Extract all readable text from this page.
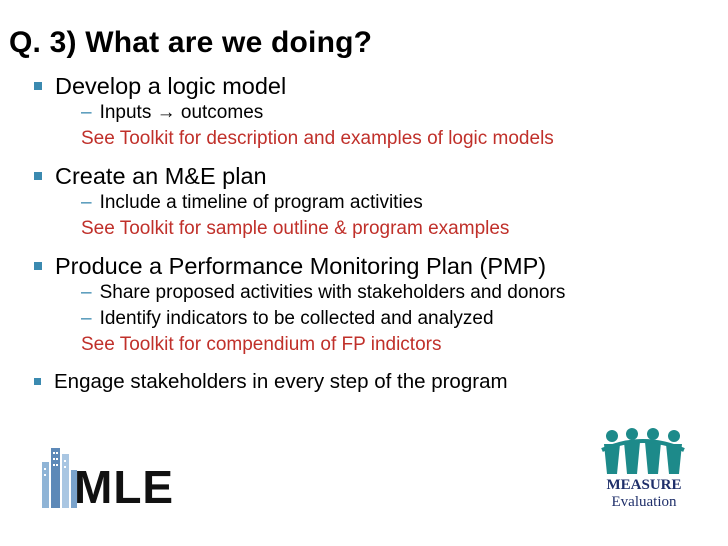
Q. 3) What are we doing?
Develop a logic model
– Inputs → outcomes
See Toolkit for description and examples of logic models
Create an M&E plan
– Include a timeline of program activities
See Toolkit for sample outline & program examples
Produce a Performance Monitoring Plan (PMP)
– Share proposed activities with stakeholders and donors
– Identify indicators to be collected and analyzed
See Toolkit for compendium of FP indictors
Engage stakeholders in every step of the program
MLE	MEASURE
Evaluation
